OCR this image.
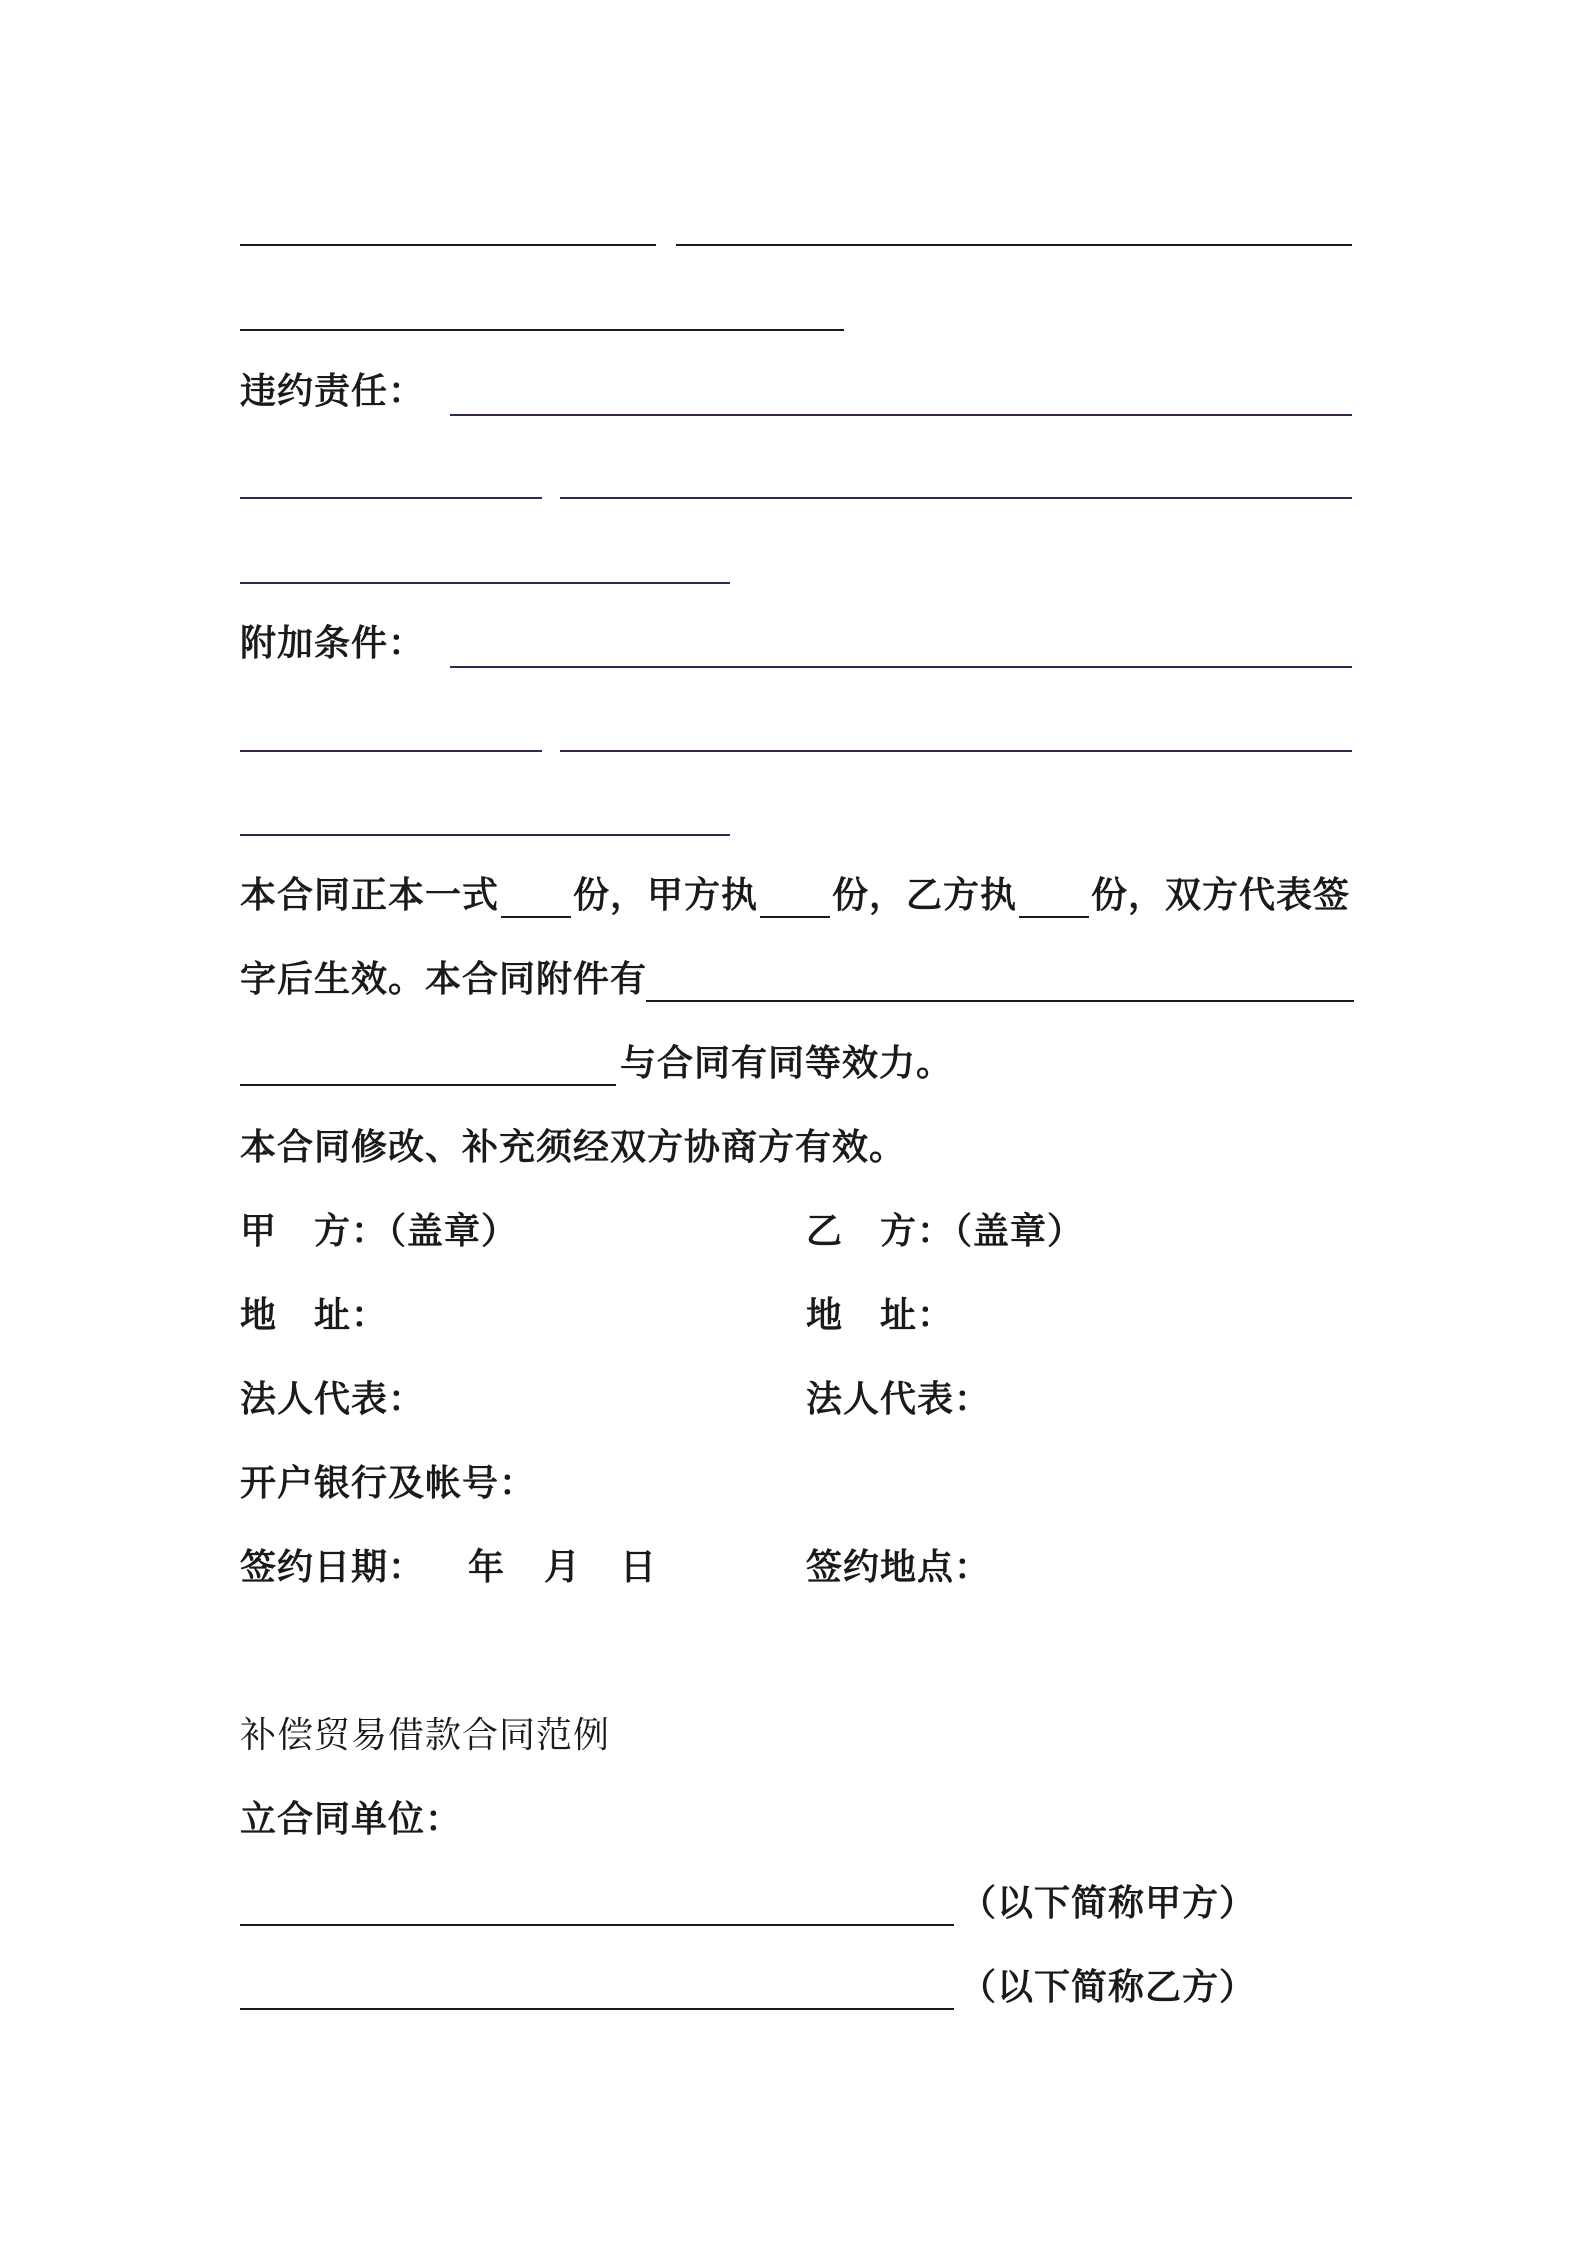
违约责任：
附加条件：
本合同正本一式 份，甲方执 份，乙方执 份，双方代表签
字后生效。本合同附件有
与合同有同等效力。
本合同修改、补充须经双方协商方有效。
甲　方：（盖章）	乙　方：（盖章）
地　址：	地　址：
法人代表：	法人代表：
开户银行及帐号：
签约日期： 年 月 日	签约地点：
补偿贸易借款合同范例
立合同单位：
（以下简称甲方）
（以下简称乙方）
